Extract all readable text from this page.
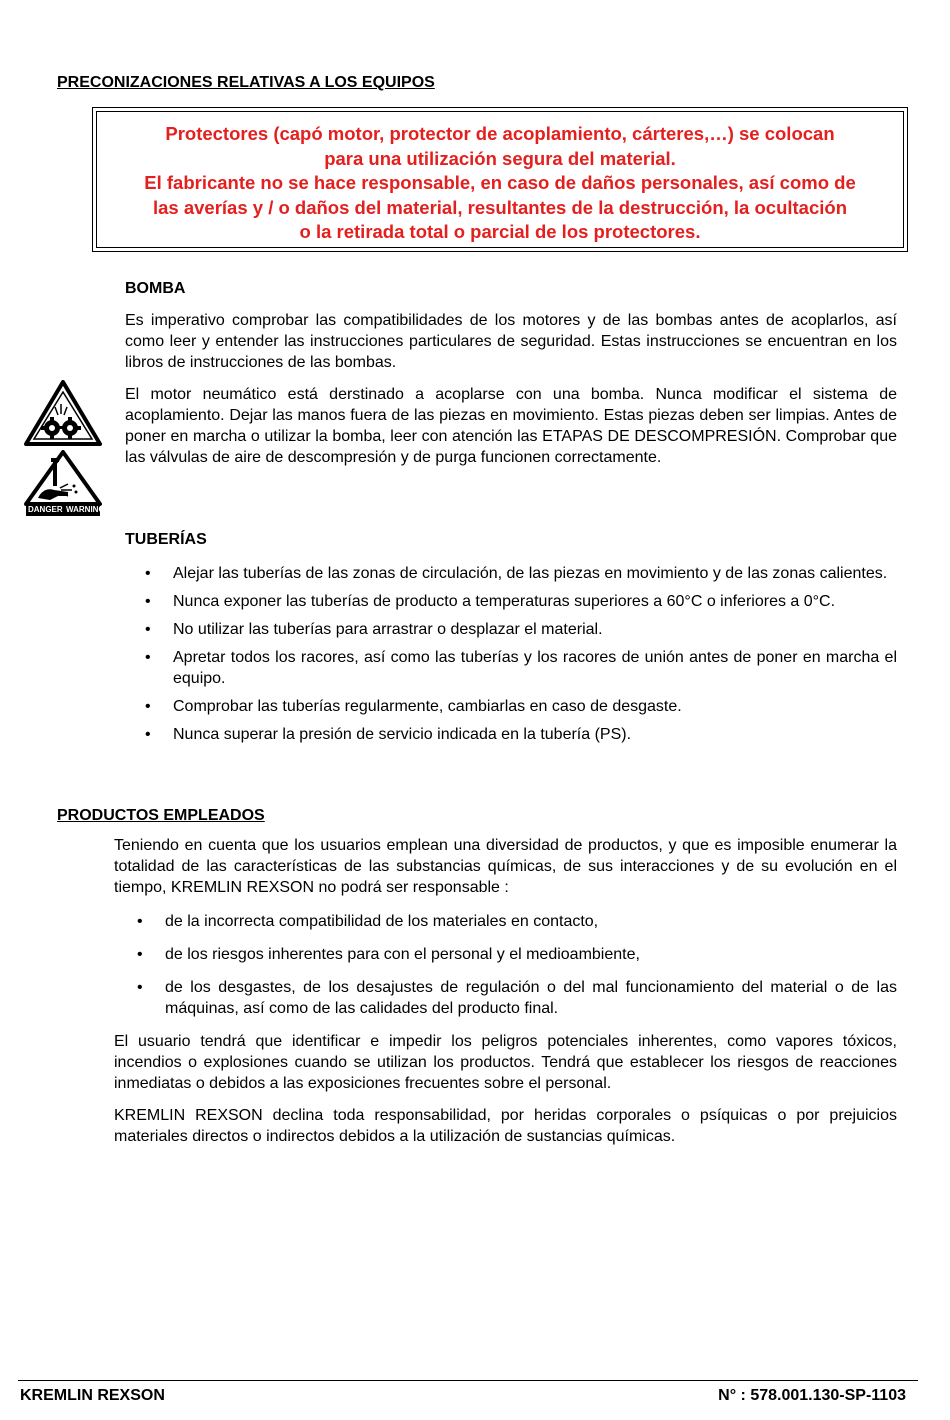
PRECONIZACIONES RELATIVAS A LOS EQUIPOS
Protectores (capó motor, protector de acoplamiento, cárteres,…) se colocan
para una utilización segura del material.
El fabricante no se hace responsable, en caso de daños personales, así como de
las averías y / o daños del material, resultantes de la destrucción, la ocultación
o la retirada total o parcial de los protectores.
BOMBA
Es imperativo comprobar las compatibilidades de los motores y de las bombas antes de acoplarlos, así como leer y entender las instrucciones particulares de seguridad. Estas instrucciones se encuentran en los libros de instrucciones de las bombas.
El motor neumático está derstinado a acoplarse con una bomba. Nunca modificar el sistema de acoplamiento. Dejar las manos fuera de las piezas en movimiento. Estas piezas deben ser limpias. Antes de poner en marcha o utilizar la bomba, leer con atención las ETAPAS DE DESCOMPRESIÓN. Comprobar que las válvulas de aire de descompresión y de purga funcionen correctamente.
DANGER WARNING
TUBERÍAS
• Alejar las tuberías de las zonas de circulación, de las piezas en movimiento y de las zonas calientes.
• Nunca exponer las tuberías de producto a temperaturas superiores a 60°C o inferiores a 0°C.
• No utilizar las tuberías para arrastrar o desplazar el material.
• Apretar todos los racores, así como las tuberías y los racores de unión antes de poner en marcha el equipo.
• Comprobar las tuberías regularmente, cambiarlas en caso de desgaste.
• Nunca superar la presión de servicio indicada en la tubería (PS).
PRODUCTOS EMPLEADOS
Teniendo en cuenta que los usuarios emplean una diversidad de productos, y que es imposible enumerar la totalidad de las características de las substancias químicas, de sus interacciones y de su evolución en el tiempo, KREMLIN REXSON no podrá ser responsable :
• de la incorrecta compatibilidad de los materiales en contacto,
• de los riesgos inherentes para con el personal y el medioambiente,
• de los desgastes, de los desajustes de regulación o del mal funcionamiento del material o de las máquinas, así como de las calidades del producto final.
El usuario tendrá que identificar e impedir los peligros potenciales inherentes, como vapores tóxicos, incendios o explosiones cuando se utilizan los productos. Tendrá que establecer los riesgos de reacciones inmediatas o debidos a las exposiciones frecuentes sobre el personal.
KREMLIN REXSON declina toda responsabilidad, por heridas corporales o psíquicas o por prejuicios materiales directos o indirectos debidos a la utilización de sustancias químicas.
KREMLIN REXSON	N° : 578.001.130-SP-1103
